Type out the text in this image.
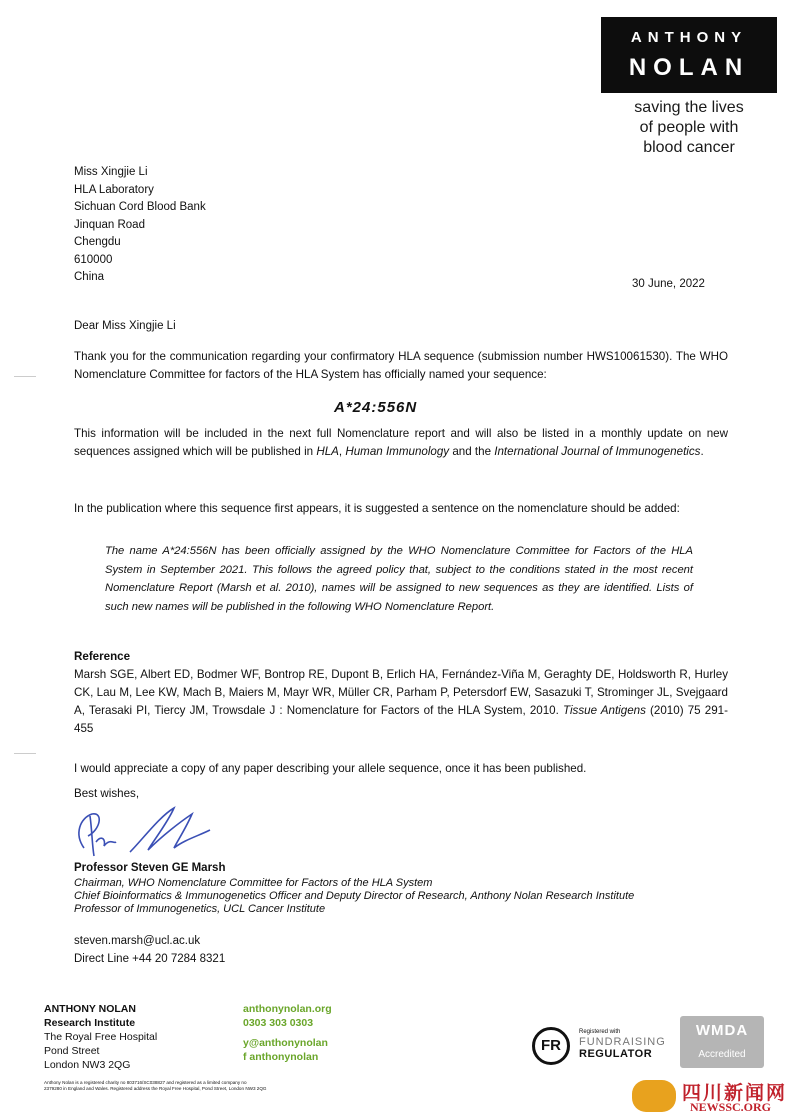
ANTHONY
NOLAN
saving the lives
of people with
blood cancer
Miss Xingjie Li
HLA Laboratory
Sichuan Cord Blood Bank
Jinquan Road
Chengdu
610000
China
30 June, 2022
Dear Miss Xingjie Li
Thank you for the communication regarding your confirmatory HLA sequence (submission number HWS10061530). The WHO Nomenclature Committee for factors of the HLA System has officially named your sequence:
A*24:556N
This information will be included in the next full Nomenclature report and will also be listed in a monthly update on new sequences assigned which will be published in HLA, Human Immunology and the International Journal of Immunogenetics.
In the publication where this sequence first appears, it is suggested a sentence on the nomenclature should be added:
The name A*24:556N has been officially assigned by the WHO Nomenclature Committee for Factors of the HLA System in September 2021. This follows the agreed policy that, subject to the conditions stated in the most recent Nomenclature Report (Marsh et al. 2010), names will be assigned to new sequences as they are identified. Lists of such new names will be published in the following WHO Nomenclature Report.
Reference
Marsh SGE, Albert ED, Bodmer WF, Bontrop RE, Dupont B, Erlich HA, Fernández-Viña M, Geraghty DE, Holdsworth R, Hurley CK, Lau M, Lee KW, Mach B, Maiers M, Mayr WR, Müller CR, Parham P, Petersdorf EW, Sasazuki T, Strominger JL, Svejgaard A, Terasaki PI, Tiercy JM, Trowsdale J : Nomenclature for Factors of the HLA System, 2010. Tissue Antigens (2010) 75 291-455
I would appreciate a copy of any paper describing your allele sequence, once it has been published.
Best wishes,
Professor Steven GE Marsh
Chairman, WHO Nomenclature Committee for Factors of the HLA System
Chief Bioinformatics & Immunogenetics Officer and Deputy Director of Research, Anthony Nolan Research Institute
Professor of Immunogenetics, UCL Cancer Institute
steven.marsh@ucl.ac.uk
Direct Line +44 20 7284 8321
ANTHONY NOLAN
Research Institute
The Royal Free Hospital
Pond Street
London NW3 2QG
anthonynolan.org
0303 303 0303
y@anthonynolan
f anthonynolan
Anthony Nolan is a registered charity no 803716/SC038827 and registered as a limited company no
2379280 in England and Wales. Registered address the Royal Free Hospital, Pond Street, London NW3 2QG
FR
Registered with
FUNDRAISING
REGULATOR
WMDA
Accredited
四川新闻网
NEWSSC.ORG
